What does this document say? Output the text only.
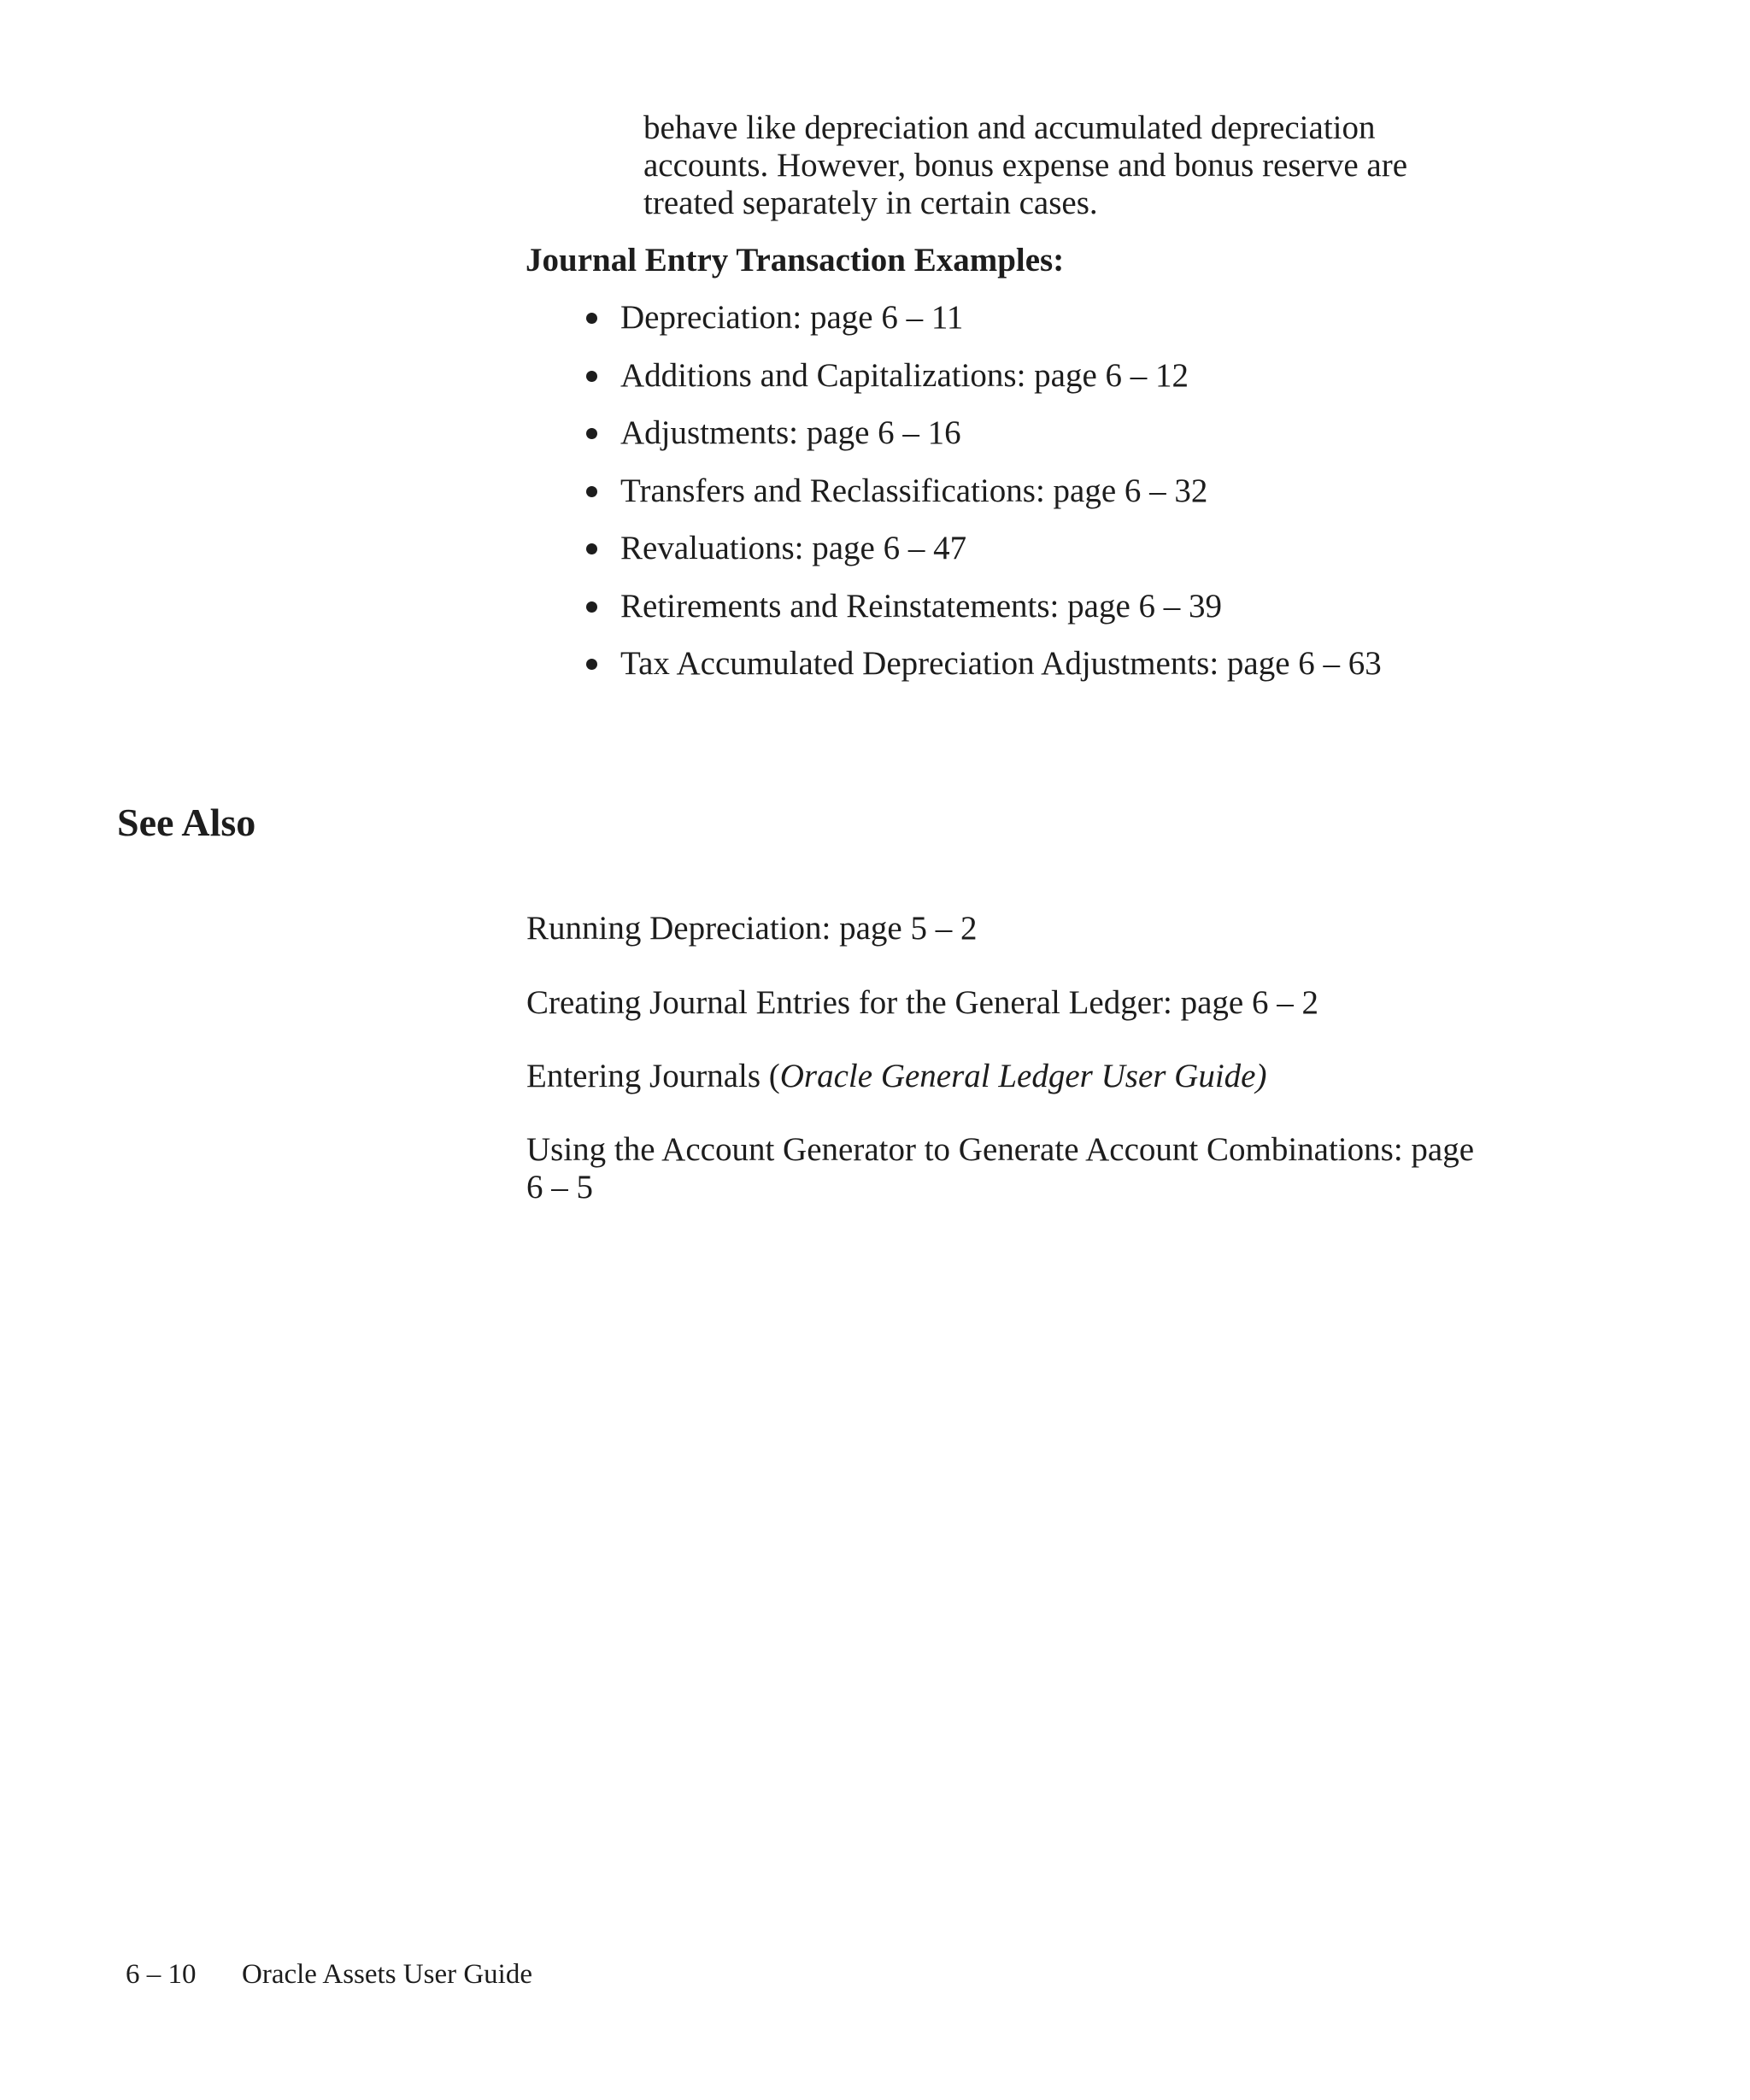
behave like depreciation and accumulated depreciation

accounts. However, bonus expense and bonus reserve are

treated separately in certain cases.

Journal Entry Transaction Examples:
Depreciation: page 6 – 11
Additions and Capitalizations: page 6 – 12
Adjustments: page 6 – 16
Transfers and Reclassifications: page 6 – 32
Revaluations: page 6 – 47
Retirements and Reinstatements: page 6 – 39
Tax Accumulated Depreciation Adjustments: page 6 – 63
See Also

Running Depreciation: page 5 – 2

Creating Journal Entries for the General Ledger: page 6 – 2

Entering Journals (Oracle General Ledger User Guide)

Using the Account Generator to Generate Account Combinations: page
6 – 5

6 – 10 Oracle Assets User Guide
